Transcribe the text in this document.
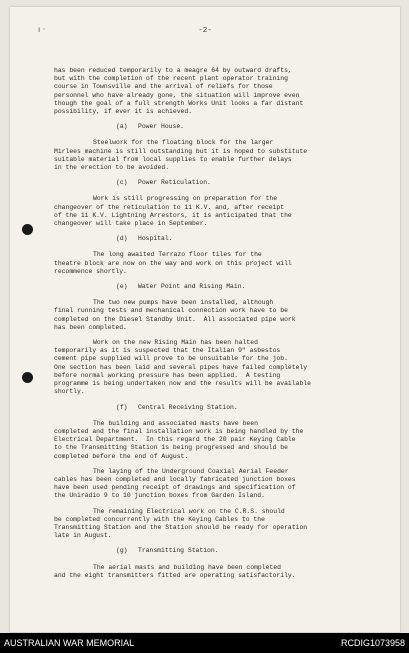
ı ·	-2-

has been reduced temporarily to a meagre 64 by outward drafts,
but with the completion of the recent plant operator training
course in Townsville and the arrival of reliefs for those
personnel who have already gone, the situation will improve even
though the goal of a full strength Works Unit looks a far distant
possibility, if ever it is achieved.

(a) Power House.

Steelwork for the floating block for the larger
Mirlees machine is still outstanding but it is hoped to substitute
suitable material from local supplies to enable further delays
in the erection to be avoided.

(c) Power Reticulation.

Work is still progressing on preparation for the
changeover of the reticulation to 11 K.V. and, after receipt
of the 11 K.V. Lightning Arrestors, it is anticipated that the
changeover will take place in September.

(d) Hospital.

The long awaited Terrazo floor tiles for the
theatre block are now on the way and work on this project will
recommence shortly.

(e) Water Point and Rising Main.

The two new pumps have been installed, although
final running tests and mechanical connection work have to be
completed on the Diesel Standby Unit.  All associated pipe work
has been completed.

Work on the new Rising Main has been halted
temporarily as it is suspected that the Italian 9" asbestos
cement pipe supplied will prove to be unsuitable for the job.
One section has been laid and several pipes have failed completely
before normal working pressure has been applied.  A testing
programme is being undertaken now and the results will be available
shortly.

(f) Central Receiving Station.

The building and associated masts have been
completed and the final installation work is being handled by the
Electrical Department.  In this regard the 20 pair Keying Cable
to the Transmitting Station is being progressed and should be
completed before the end of August.

The laying of the Underground Coaxial Aerial Feeder
cables has been completed and locally fabricated junction boxes
have been used pending receipt of drawings and specification of
the Unirádio 9 to 10 junction boxes from Garden Island.

The remaining Electrical work on the C.R.S. should
be completed concurrently with the Keying Cables to the
Transmitting Station and the Station should be ready for operation
late in August.

(g) Transmitting Station.

The aerial masts and building have been completed
and the eight transmitters fitted are operating satisfactorily.

AUSTRALIAN WAR MEMORIAL	RCDIG1073958
